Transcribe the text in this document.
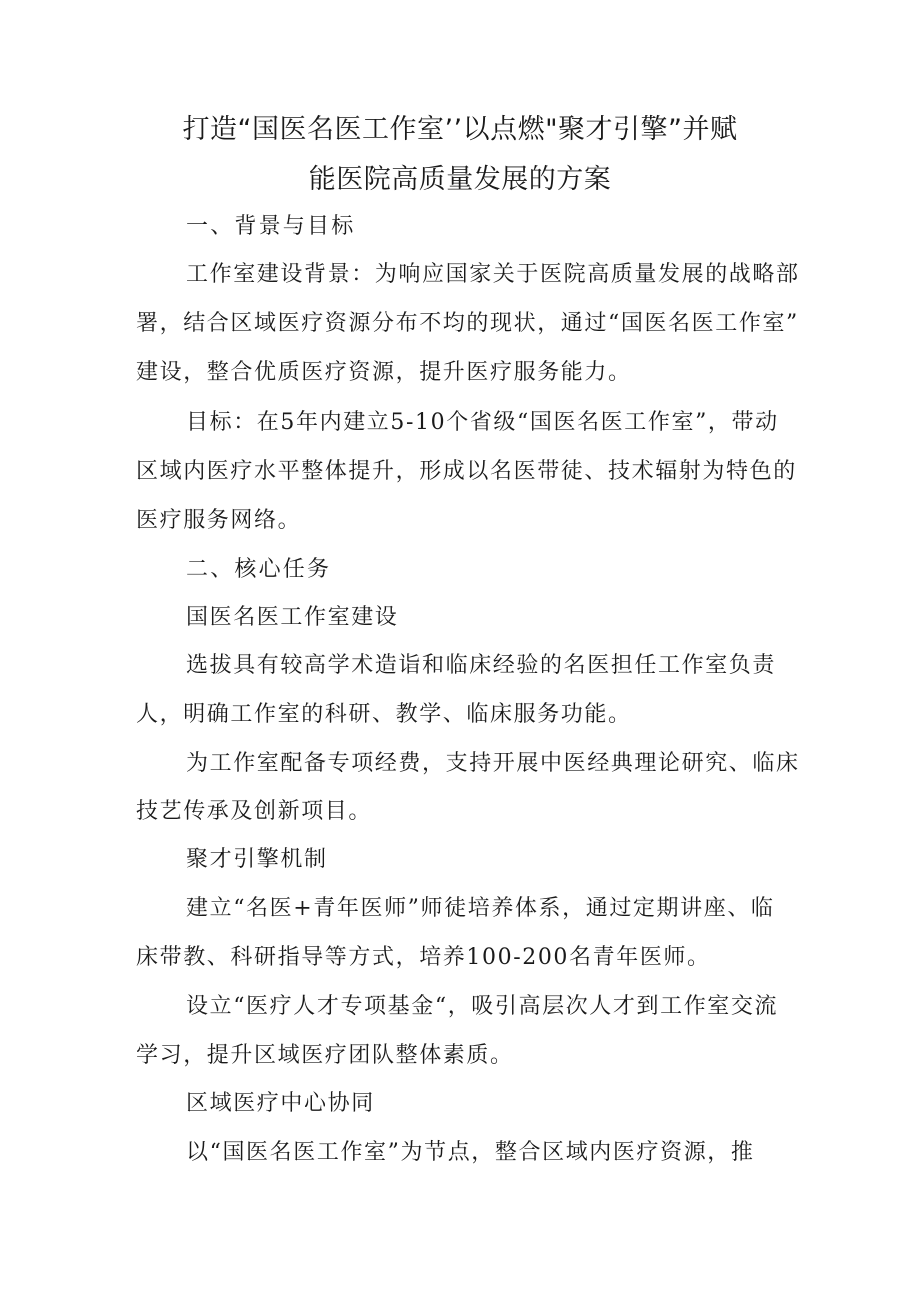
打造“国医名医工作室’’以点燃"聚才引擎”并赋
能医院高质量发展的方案
一、背景与目标
工作室建设背景：为响应国家关于医院高质量发展的战略部
署，结合区域医疗资源分布不均的现状，通过“国医名医工作室”
建设，整合优质医疗资源，提升医疗服务能力。
目标：在5年内建立5-10个省级“国医名医工作室”，带动
区域内医疗水平整体提升，形成以名医带徒、技术辐射为特色的
医疗服务网络。
二、核心任务
国医名医工作室建设
选拔具有较高学术造诣和临床经验的名医担任工作室负责
人，明确工作室的科研、教学、临床服务功能。
为工作室配备专项经费，支持开展中医经典理论研究、临床
技艺传承及创新项目。
聚才引擎机制
建立“名医+青年医师”师徒培养体系，通过定期讲座、临
床带教、科研指导等方式，培养100-200名青年医师。
设立“医疗人才专项基金“，吸引高层次人才到工作室交流
学习，提升区域医疗团队整体素质。
区域医疗中心协同
以“国医名医工作室”为节点，整合区域内医疗资源，推
